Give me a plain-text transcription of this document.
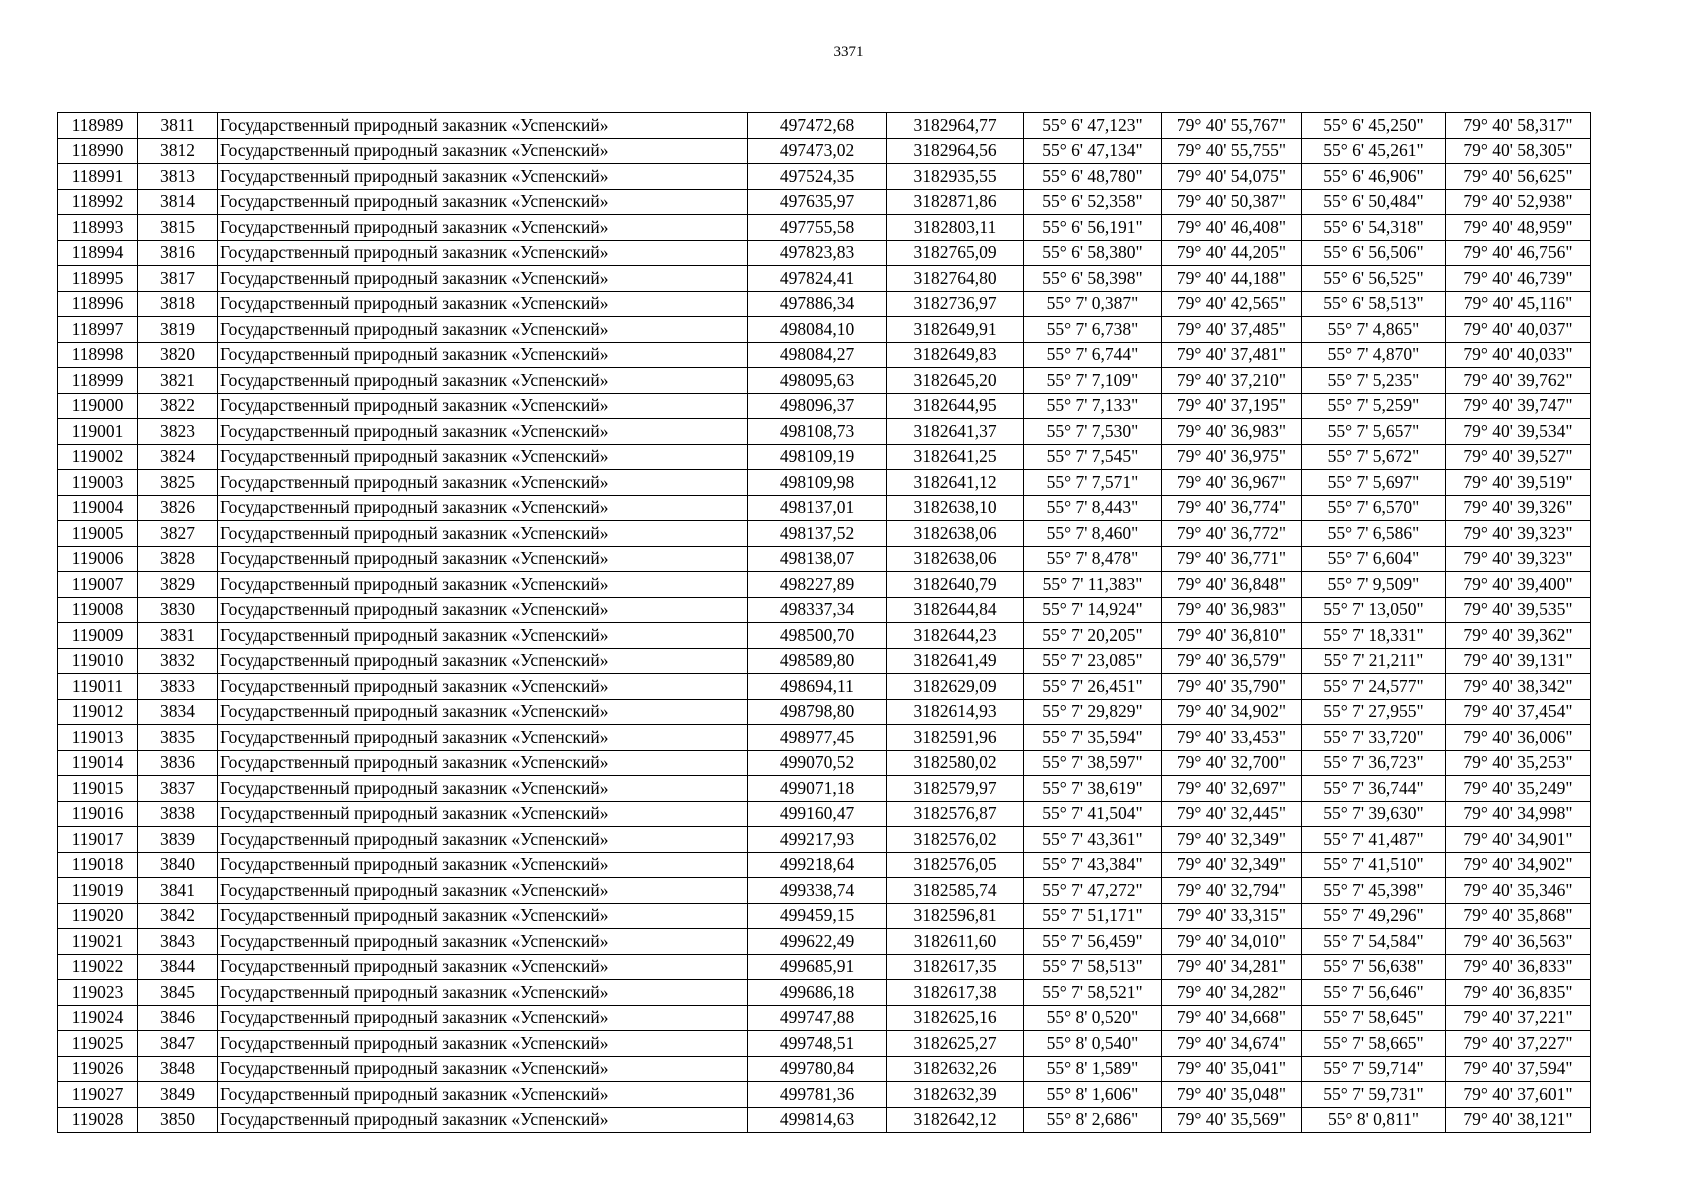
3371
118989	3811	Государственный природный заказник «Успенский»	497472,68	3182964,77	55° 6' 47,123"	79° 40' 55,767"	55° 6' 45,250"	79° 40' 58,317"
118990	3812	Государственный природный заказник «Успенский»	497473,02	3182964,56	55° 6' 47,134"	79° 40' 55,755"	55° 6' 45,261"	79° 40' 58,305"
118991	3813	Государственный природный заказник «Успенский»	497524,35	3182935,55	55° 6' 48,780"	79° 40' 54,075"	55° 6' 46,906"	79° 40' 56,625"
118992	3814	Государственный природный заказник «Успенский»	497635,97	3182871,86	55° 6' 52,358"	79° 40' 50,387"	55° 6' 50,484"	79° 40' 52,938"
118993	3815	Государственный природный заказник «Успенский»	497755,58	3182803,11	55° 6' 56,191"	79° 40' 46,408"	55° 6' 54,318"	79° 40' 48,959"
118994	3816	Государственный природный заказник «Успенский»	497823,83	3182765,09	55° 6' 58,380"	79° 40' 44,205"	55° 6' 56,506"	79° 40' 46,756"
118995	3817	Государственный природный заказник «Успенский»	497824,41	3182764,80	55° 6' 58,398"	79° 40' 44,188"	55° 6' 56,525"	79° 40' 46,739"
118996	3818	Государственный природный заказник «Успенский»	497886,34	3182736,97	55° 7' 0,387"	79° 40' 42,565"	55° 6' 58,513"	79° 40' 45,116"
118997	3819	Государственный природный заказник «Успенский»	498084,10	3182649,91	55° 7' 6,738"	79° 40' 37,485"	55° 7' 4,865"	79° 40' 40,037"
118998	3820	Государственный природный заказник «Успенский»	498084,27	3182649,83	55° 7' 6,744"	79° 40' 37,481"	55° 7' 4,870"	79° 40' 40,033"
118999	3821	Государственный природный заказник «Успенский»	498095,63	3182645,20	55° 7' 7,109"	79° 40' 37,210"	55° 7' 5,235"	79° 40' 39,762"
119000	3822	Государственный природный заказник «Успенский»	498096,37	3182644,95	55° 7' 7,133"	79° 40' 37,195"	55° 7' 5,259"	79° 40' 39,747"
119001	3823	Государственный природный заказник «Успенский»	498108,73	3182641,37	55° 7' 7,530"	79° 40' 36,983"	55° 7' 5,657"	79° 40' 39,534"
119002	3824	Государственный природный заказник «Успенский»	498109,19	3182641,25	55° 7' 7,545"	79° 40' 36,975"	55° 7' 5,672"	79° 40' 39,527"
119003	3825	Государственный природный заказник «Успенский»	498109,98	3182641,12	55° 7' 7,571"	79° 40' 36,967"	55° 7' 5,697"	79° 40' 39,519"
119004	3826	Государственный природный заказник «Успенский»	498137,01	3182638,10	55° 7' 8,443"	79° 40' 36,774"	55° 7' 6,570"	79° 40' 39,326"
119005	3827	Государственный природный заказник «Успенский»	498137,52	3182638,06	55° 7' 8,460"	79° 40' 36,772"	55° 7' 6,586"	79° 40' 39,323"
119006	3828	Государственный природный заказник «Успенский»	498138,07	3182638,06	55° 7' 8,478"	79° 40' 36,771"	55° 7' 6,604"	79° 40' 39,323"
119007	3829	Государственный природный заказник «Успенский»	498227,89	3182640,79	55° 7' 11,383"	79° 40' 36,848"	55° 7' 9,509"	79° 40' 39,400"
119008	3830	Государственный природный заказник «Успенский»	498337,34	3182644,84	55° 7' 14,924"	79° 40' 36,983"	55° 7' 13,050"	79° 40' 39,535"
119009	3831	Государственный природный заказник «Успенский»	498500,70	3182644,23	55° 7' 20,205"	79° 40' 36,810"	55° 7' 18,331"	79° 40' 39,362"
119010	3832	Государственный природный заказник «Успенский»	498589,80	3182641,49	55° 7' 23,085"	79° 40' 36,579"	55° 7' 21,211"	79° 40' 39,131"
119011	3833	Государственный природный заказник «Успенский»	498694,11	3182629,09	55° 7' 26,451"	79° 40' 35,790"	55° 7' 24,577"	79° 40' 38,342"
119012	3834	Государственный природный заказник «Успенский»	498798,80	3182614,93	55° 7' 29,829"	79° 40' 34,902"	55° 7' 27,955"	79° 40' 37,454"
119013	3835	Государственный природный заказник «Успенский»	498977,45	3182591,96	55° 7' 35,594"	79° 40' 33,453"	55° 7' 33,720"	79° 40' 36,006"
119014	3836	Государственный природный заказник «Успенский»	499070,52	3182580,02	55° 7' 38,597"	79° 40' 32,700"	55° 7' 36,723"	79° 40' 35,253"
119015	3837	Государственный природный заказник «Успенский»	499071,18	3182579,97	55° 7' 38,619"	79° 40' 32,697"	55° 7' 36,744"	79° 40' 35,249"
119016	3838	Государственный природный заказник «Успенский»	499160,47	3182576,87	55° 7' 41,504"	79° 40' 32,445"	55° 7' 39,630"	79° 40' 34,998"
119017	3839	Государственный природный заказник «Успенский»	499217,93	3182576,02	55° 7' 43,361"	79° 40' 32,349"	55° 7' 41,487"	79° 40' 34,901"
119018	3840	Государственный природный заказник «Успенский»	499218,64	3182576,05	55° 7' 43,384"	79° 40' 32,349"	55° 7' 41,510"	79° 40' 34,902"
119019	3841	Государственный природный заказник «Успенский»	499338,74	3182585,74	55° 7' 47,272"	79° 40' 32,794"	55° 7' 45,398"	79° 40' 35,346"
119020	3842	Государственный природный заказник «Успенский»	499459,15	3182596,81	55° 7' 51,171"	79° 40' 33,315"	55° 7' 49,296"	79° 40' 35,868"
119021	3843	Государственный природный заказник «Успенский»	499622,49	3182611,60	55° 7' 56,459"	79° 40' 34,010"	55° 7' 54,584"	79° 40' 36,563"
119022	3844	Государственный природный заказник «Успенский»	499685,91	3182617,35	55° 7' 58,513"	79° 40' 34,281"	55° 7' 56,638"	79° 40' 36,833"
119023	3845	Государственный природный заказник «Успенский»	499686,18	3182617,38	55° 7' 58,521"	79° 40' 34,282"	55° 7' 56,646"	79° 40' 36,835"
119024	3846	Государственный природный заказник «Успенский»	499747,88	3182625,16	55° 8' 0,520"	79° 40' 34,668"	55° 7' 58,645"	79° 40' 37,221"
119025	3847	Государственный природный заказник «Успенский»	499748,51	3182625,27	55° 8' 0,540"	79° 40' 34,674"	55° 7' 58,665"	79° 40' 37,227"
119026	3848	Государственный природный заказник «Успенский»	499780,84	3182632,26	55° 8' 1,589"	79° 40' 35,041"	55° 7' 59,714"	79° 40' 37,594"
119027	3849	Государственный природный заказник «Успенский»	499781,36	3182632,39	55° 8' 1,606"	79° 40' 35,048"	55° 7' 59,731"	79° 40' 37,601"
119028	3850	Государственный природный заказник «Успенский»	499814,63	3182642,12	55° 8' 2,686"	79° 40' 35,569"	55° 8' 0,811"	79° 40' 38,121"
